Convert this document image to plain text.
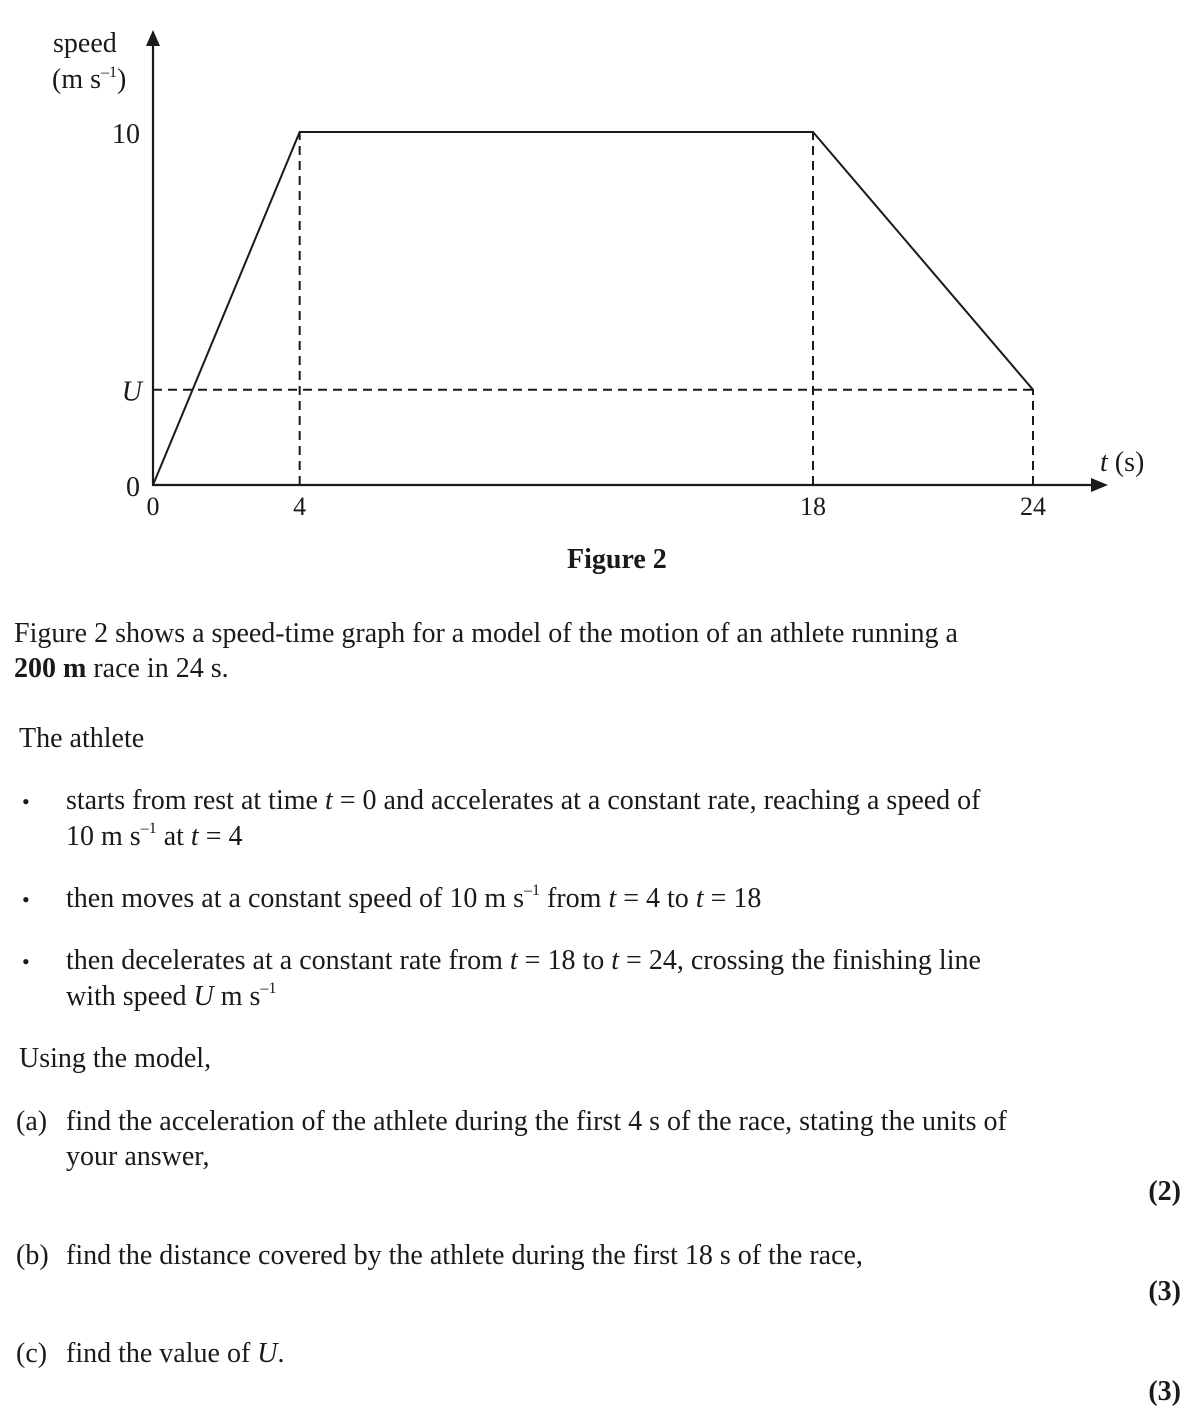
speed
(m $s^{-1}$)
t (s)
0	4	18	24
0
U
10
Figure 2
Figure 2 shows a speed-time graph for a model of the motion of an athlete running a
200 m race in 24 s.
The athlete
• starts from rest at time t = 0 and accelerates at a constant rate, reaching a speed of
10 m $s^{-1}$ at t = 4
• then moves at a constant speed of 10 m $s^{-1}$ from t = 4 to t = 18
• then decelerates at a constant rate from t = 18 to t = 24, crossing the finishing line
with speed U m $s^{-1}$
Using the model,
(a) find the acceleration of the athlete during the first 4 s of the race, stating the units of
your answer,
(2)
(b) find the distance covered by the athlete during the first 18 s of the race,
(3)
(c) find the value of U.
(3)
